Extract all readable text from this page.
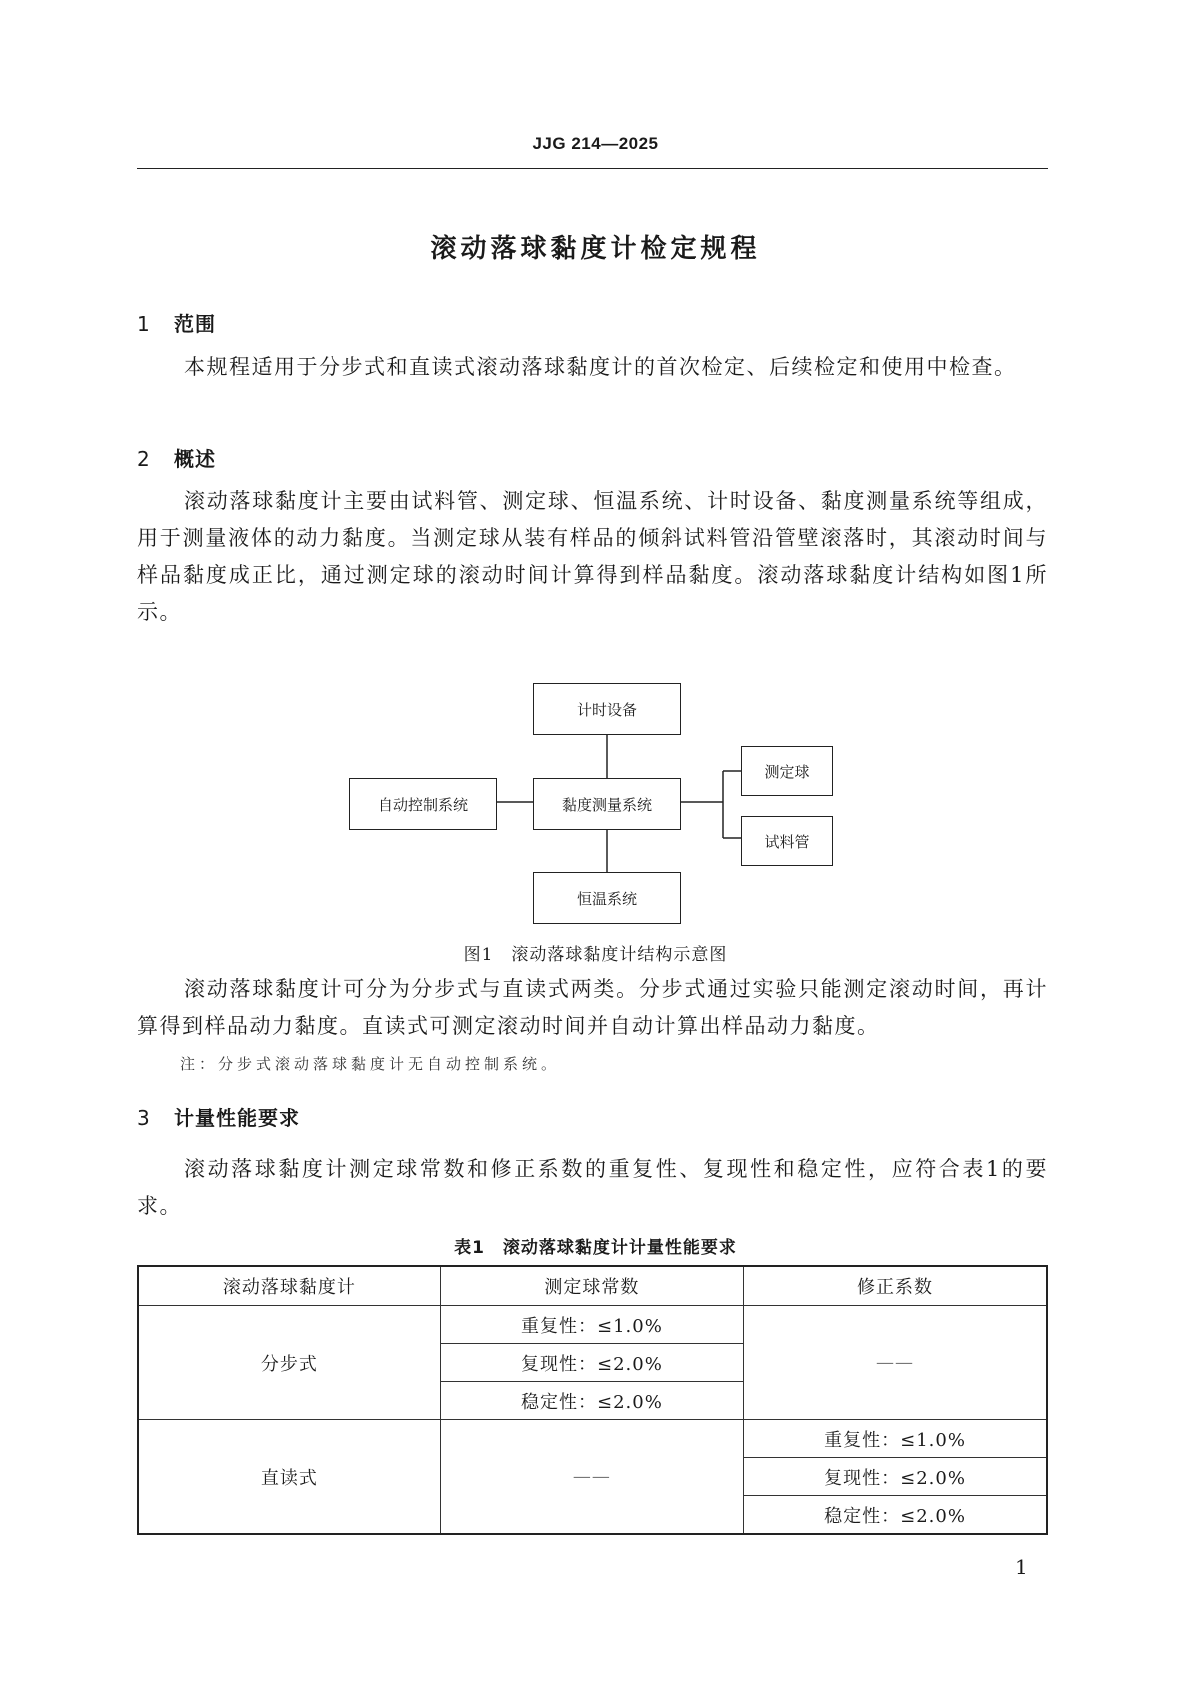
JJG 214—2025
滚动落球黏度计检定规程
1 范围
本规程适用于分步式和直读式滚动落球黏度计的首次检定、后续检定和使用中检查。
2 概述
滚动落球黏度计主要由试料管、测定球、恒温系统、计时设备、黏度测量系统等组成，用于测量液体的动力黏度。当测定球从装有样品的倾斜试料管沿管壁滚落时，其滚动时间与样品黏度成正比，通过测定球的滚动时间计算得到样品黏度。滚动落球黏度计结构如图1所示。
计时设备
自动控制系统	黏度测量系统
测定球
试料管
恒温系统
图1 滚动落球黏度计结构示意图
滚动落球黏度计可分为分步式与直读式两类。分步式通过实验只能测定滚动时间，再计算得到样品动力黏度。直读式可测定滚动时间并自动计算出样品动力黏度。
注：分步式滚动落球黏度计无自动控制系统。
3 计量性能要求
滚动落球黏度计测定球常数和修正系数的重复性、复现性和稳定性，应符合表1的要求。
表1 滚动落球黏度计计量性能要求
滚动落球黏度计	测定球常数	修正系数
分步式	重复性：≤1.0%	——
	复现性：≤2.0%	
	稳定性：≤2.0%	
直读式	——	重复性：≤1.0%
		复现性：≤2.0%
		稳定性：≤2.0%
1
